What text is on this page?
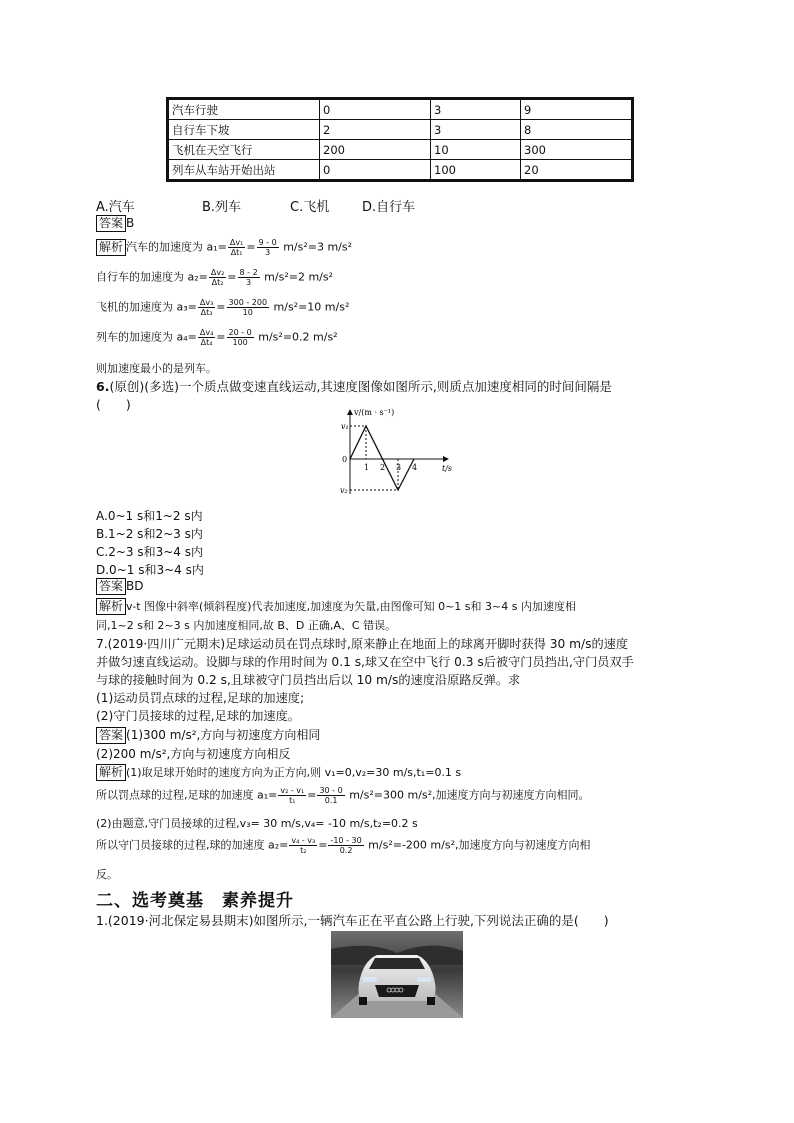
汽车行驶	0	3	9
自行车下坡	2	3	8
飞机在天空飞行	200	10	300
列车从车站开始出站	0	100	20
A.汽车	B.列车	C.飞机	D.自行车
答案 B
解析 汽车的加速度为 $a_1= \frac{\text{Δv₁}}{\text{Δt₁}} = \frac{9 - 0}{3} m/s^2=3$ m/s²
自行车的加速度为 $a_2= \frac{\text{Δv₂}}{\text{Δt₂}} = \frac{8 - 2}{3} m/s^2=2$ m/s²
飞机的加速度为 $a_3= \frac{\text{Δv₃}}{\text{Δt₃}} = \frac{300 - 200}{10} m/s^2=10$ m/s²
列车的加速度为 $a_4= \frac{\text{Δv₄}}{\text{Δt₄}} = \frac{20 - 0}{100} m/s^2=0.2$ m/s²
则加速度最小的是列车。
6.(原创)(多选)一个质点做变速直线运动,其速度图像如图所示,则质点加速度相同的时间间隔是
(　　)
v/(m · s⁻¹)
t/s
v₁
v₂
0
1 2 3 4
A.0~1 s和1~2 s内
B.1~2 s和2~3 s内
C.2~3 s和3~4 s内
D.0~1 s和3~4 s内
答案 BD
解析 v-t 图像中斜率(倾斜程度)代表加速度,加速度为矢量,由图像可知 0~1 s和 3~4 s 内加速度相
同,1~2 s和 2~3 s 内加速度相同,故 B、D 正确,A、C 错误。
7.(2019·四川广元期末)足球运动员在罚点球时,原来静止在地面上的球离开脚时获得 30 m/s的速度
并做匀速直线运动。设脚与球的作用时间为 0.1 s,球又在空中飞行 0.3 s后被守门员挡出,守门员双手
与球的接触时间为 0.2 s,且球被守门员挡出后以 10 m/s的速度沿原路反弹。求
(1)运动员罚点球的过程,足球的加速度;
(2)守门员接球的过程,足球的加速度。
答案 (1)300 m/s²,方向与初速度方向相同
(2)200 m/s²,方向与初速度方向相反
解析 (1)取足球开始时的速度方向为正方向,则 v₁=0,v₂=30 m/s,t₁=0.1 s
所以罚点球的过程,足球的加速度 $a_1= \frac{\text{v₂ - v₁}}{\text{t₁}} = \frac{30 - 0}{0.1} m/s^2=300$ m/s²,加速度方向与初速度方向相同。
(2)由题意,守门员接球的过程,v₃= 30 m/s,v₄= -10 m/s,t₂=0.2 s
所以守门员接球的过程,球的加速度 $a_2= \frac{\text{v₄ - v₃}}{\text{t₂}} = \frac{-10 - 30}{0.2} m/s^2=-200$ m/s²,加速度方向与初速度方向相
反。
二、选考奠基　素养提升
1.(2019·河北保定易县期末)如图所示,一辆汽车正在平直公路上行驶,下列说法正确的是(　　)
